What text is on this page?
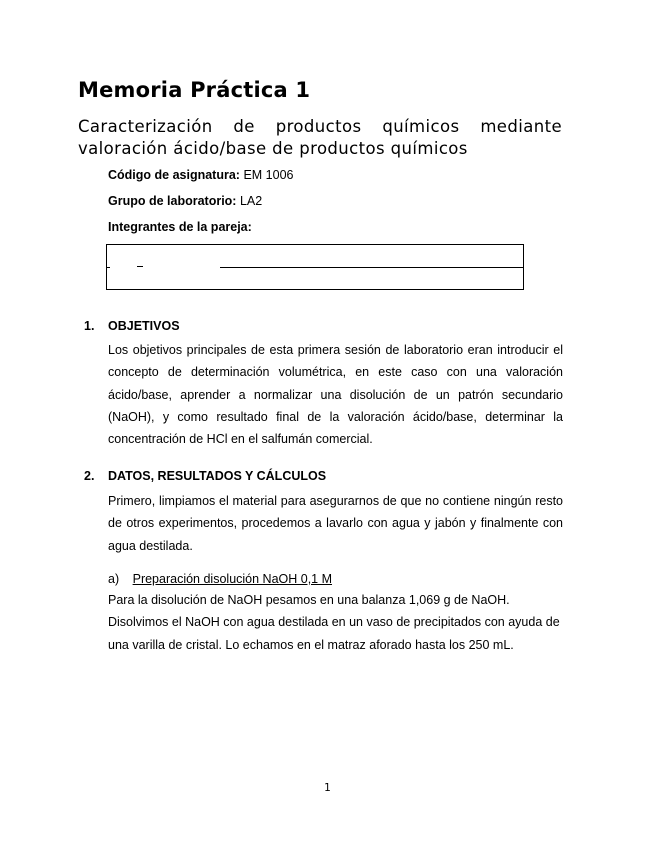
Memoria Práctica 1
Caracterización de productos químicos mediante valoración ácido/base de productos químicos
Código de asignatura: EM 1006
Grupo de laboratorio: LA2
Integrantes de la pareja:
1. OBJETIVOS
Los objetivos principales de esta primera sesión de laboratorio eran introducir el concepto de determinación volumétrica, en este caso con una valoración ácido/base, aprender a normalizar una disolución de un patrón secundario (NaOH), y como resultado final de la valoración ácido/base, determinar la concentración de HCl en el salfumán comercial.
2. DATOS, RESULTADOS Y CÁLCULOS
Primero, limpiamos el material para asegurarnos de que no contiene ningún resto de otros experimentos, procedemos a lavarlo con agua y jabón y finalmente con agua destilada.
a) Preparación disolución NaOH 0,1 M
Para la disolución de NaOH pesamos en una balanza 1,069 g de NaOH. Disolvimos el NaOH con agua destilada en un vaso de precipitados con ayuda de una varilla de cristal. Lo echamos en el matraz aforado hasta los 250 mL.
1
